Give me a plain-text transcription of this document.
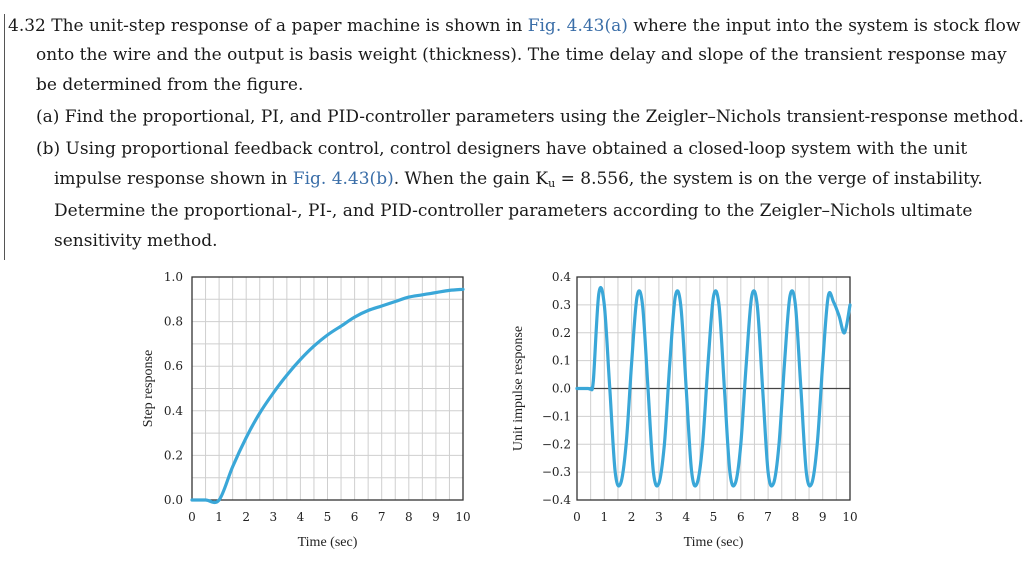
4.32 The unit-step response of a paper machine is shown in Fig. 4.43(a) where the input into the system is stock flow
onto the wire and the output is basis weight (thickness). The time delay and slope of the transient response may
be determined from the figure.
(a) Find the proportional, PI, and PID-controller parameters using the Zeigler–Nichols transient-response method.
(b) Using proportional feedback control, control designers have obtained a closed-loop system with the unit
impulse response shown in Fig. 4.43(b). When the gain $K_u = 8.556$, the system is on the verge of instability.
Determine the proportional-, PI-, and PID-controller parameters according to the Zeigler–Nichols ultimate
sensitivity method.
0 1 2 3 4 5 6 7 8 9 10
0.0
0.2
0.4
0.6
0.8
1.0
Time (sec)
Step response
0 1 2 3 4 5 6 7 8 9 10
0.4
0.3
0.2
0.1
0.0
−0.1
−0.2
−0.3
−0.4
Time (sec)
Unit impulse response
